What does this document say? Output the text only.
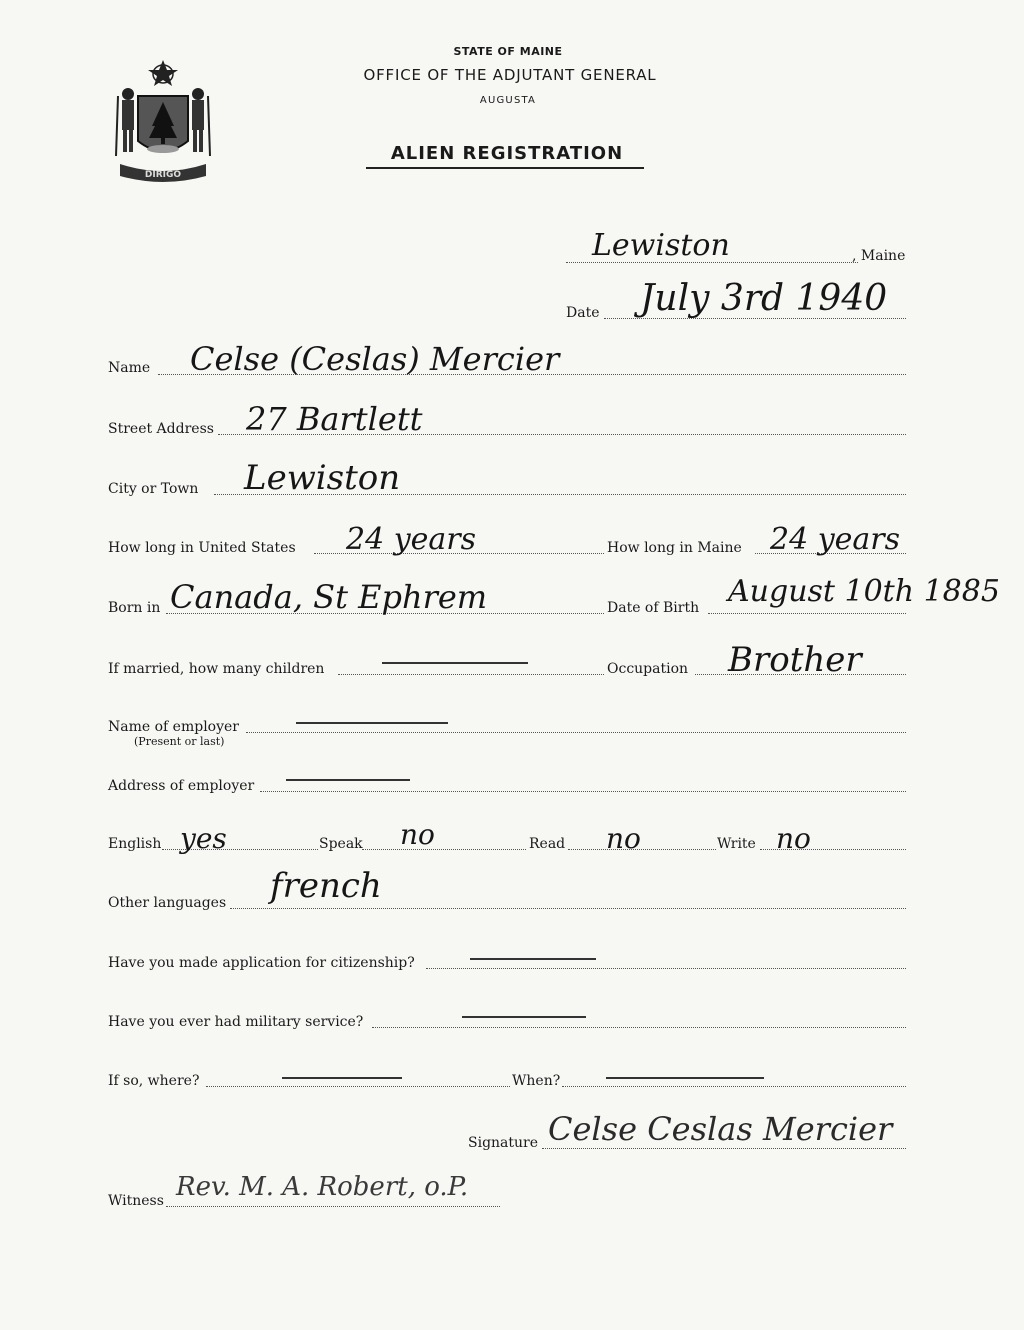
DIRIGO
STATE OF MAINE
OFFICE OF THE ADJUTANT GENERAL
AUGUSTA
ALIEN REGISTRATION
Lewiston	, Maine
Date July 3rd 1940
Name Celse (Ceslas) Mercier
Street Address 27 Bartlett
City or Town Lewiston
How long in United States 24 years	How long in Maine 24 years
Born in Canada, St Ephrem	Date of Birth August 10th 1885
If married, how many children	Occupation Brother
Name of employer
(Present or last)
Address of employer
English yes	Speak no	Read no	Write no
Other languages french
Have you made application for citizenship?
Have you ever had military service?
If so, where?	When?
Signature Celse Ceslas Mercier
Witness Rev. M. A. Robert, o.P.
